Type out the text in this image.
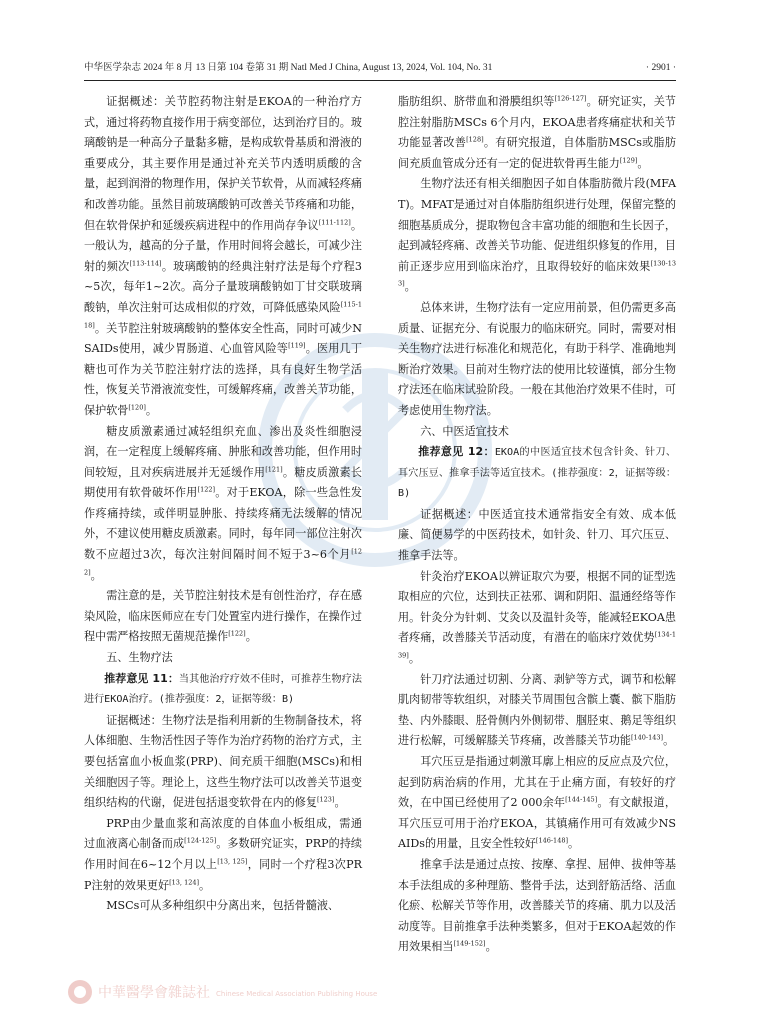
中华医学杂志 2024 年 8 月 13 日第 104 卷第 31 期 Natl Med J China, August 13, 2024, Vol. 104, No. 31	· 2901 ·

证据概述：关节腔药物注射是EKOA的一种治疗方式，通过将药物直接作用于病变部位，达到治疗目的。玻璃酸钠是一种高分子量黏多糖，是构成软骨基质和滑液的重要成分，其主要作用是通过补充关节内透明质酸的含量，起到润滑的物理作用，保护关节软骨，从而减轻疼痛和改善功能。虽然目前玻璃酸钠可改善关节疼痛和功能，但在软骨保护和延缓疾病进程中的作用尚存争议[111-112]。一般认为，越高的分子量，作用时间将会越长，可减少注射的频次[113-114]。玻璃酸钠的经典注射疗法是每个疗程3~5次，每年1~2次。高分子量玻璃酸钠如丁甘交联玻璃酸钠，单次注射可达成相似的疗效，可降低感染风险[115-118]。关节腔注射玻璃酸钠的整体安全性高，同时可减少NSAIDs使用，减少胃肠道、心血管风险等[119]。医用几丁糖也可作为关节腔注射疗法的选择，具有良好生物学活性，恢复关节滑液流变性，可缓解疼痛，改善关节功能，保护软骨[120]。

糖皮质激素通过减轻组织充血、渗出及炎性细胞浸润，在一定程度上缓解疼痛、肿胀和改善功能，但作用时间较短，且对疾病进展并无延缓作用[121]。糖皮质激素长期使用有软骨破坏作用[122]。对于EKOA，除一些急性发作疼痛持续，或伴明显肿胀、持续疼痛无法缓解的情况外，不建议使用糖皮质激素。同时，每年同一部位注射次数不应超过3次，每次注射间隔时间不短于3~6个月[122]。

需注意的是，关节腔注射技术是有创性治疗，存在感染风险，临床医师应在专门处置室内进行操作，在操作过程中需严格按照无菌规范操作[122]。

五、生物疗法

推荐意见 11：当其他治疗疗效不佳时，可推荐生物疗法进行EKOA治疗。(推荐强度：2，证据等级：B)

证据概述：生物疗法是指利用新的生物制备技术，将人体细胞、生物活性因子等作为治疗药物的治疗方式，主要包括富血小板血浆(PRP)、间充质干细胞(MSCs)和相关细胞因子等。理论上，这些生物疗法可以改善关节退变组织结构的代谢，促进包括退变软骨在内的修复[123]。

PRP由少量血浆和高浓度的自体血小板组成，需通过血液离心制备而成[124-125]。多数研究证实，PRP的持续作用时间在6~12个月以上[13, 125]，同时一个疗程3次PRP注射的效果更好[13, 124]。

MSCs可从多种组织中分离出来，包括骨髓液、

脂肪组织、脐带血和滑膜组织等[126-127]。研究证实，关节腔注射脂肪MSCs 6个月内，EKOA患者疼痛症状和关节功能显著改善[128]。有研究报道，自体脂肪MSCs或脂肪间充质血管成分还有一定的促进软骨再生能力[129]。

生物疗法还有相关细胞因子如自体脂肪微片段(MFAT)。MFAT是通过对自体脂肪组织进行处理，保留完整的细胞基质成分，提取物包含丰富功能的细胞和生长因子，起到减轻疼痛、改善关节功能、促进组织修复的作用，目前正逐步应用到临床治疗，且取得较好的临床效果[130-133]。

总体来讲，生物疗法有一定应用前景，但仍需更多高质量、证据充分、有说服力的临床研究。同时，需要对相关生物疗法进行标准化和规范化，有助于科学、准确地判断治疗效果。目前对生物疗法的使用比较谨慎，部分生物疗法还在临床试验阶段。一般在其他治疗效果不佳时，可考虑使用生物疗法。

六、中医适宜技术

推荐意见 12：EKOA的中医适宜技术包含针灸、针刀、耳穴压豆、推拿手法等适宜技术。(推荐强度：2，证据等级：B)

证据概述：中医适宜技术通常指安全有效、成本低廉、简便易学的中医药技术，如针灸、针刀、耳穴压豆、推拿手法等。

针灸治疗EKOA以辨证取穴为要，根据不同的证型选取相应的穴位，达到扶正祛邪、调和阴阳、温通经络等作用。针灸分为针刺、艾灸以及温针灸等，能减轻EKOA患者疼痛，改善膝关节活动度，有潜在的临床疗效优势[134-139]。

针刀疗法通过切割、分离、剥铲等方式，调节和松解肌肉韧带等软组织，对膝关节周围包含髌上囊、髌下脂肪垫、内外膝眼、胫骨侧内外侧韧带、腘胫束、鹅足等组织进行松解，可缓解膝关节疼痛，改善膝关节功能[140-143]。

耳穴压豆是指通过刺激耳廓上相应的反应点及穴位，起到防病治病的作用，尤其在于止痛方面，有较好的疗效，在中国已经使用了2 000余年[144-145]。有文献报道，耳穴压豆可用于治疗EKOA，其镇痛作用可有效减少NSAIDs的用量，且安全性较好[146-148]。

推拿手法是通过点按、按摩、拿捏、屈伸、拔伸等基本手法组成的多种理筋、整骨手法，达到舒筋活络、活血化瘀、松解关节等作用，改善膝关节的疼痛、肌力以及活动度等。目前推拿手法种类繁多，但对于EKOA起效的作用效果相当[149-152]。

中華醫學會雜誌社 Chinese Medical Association Publishing House
